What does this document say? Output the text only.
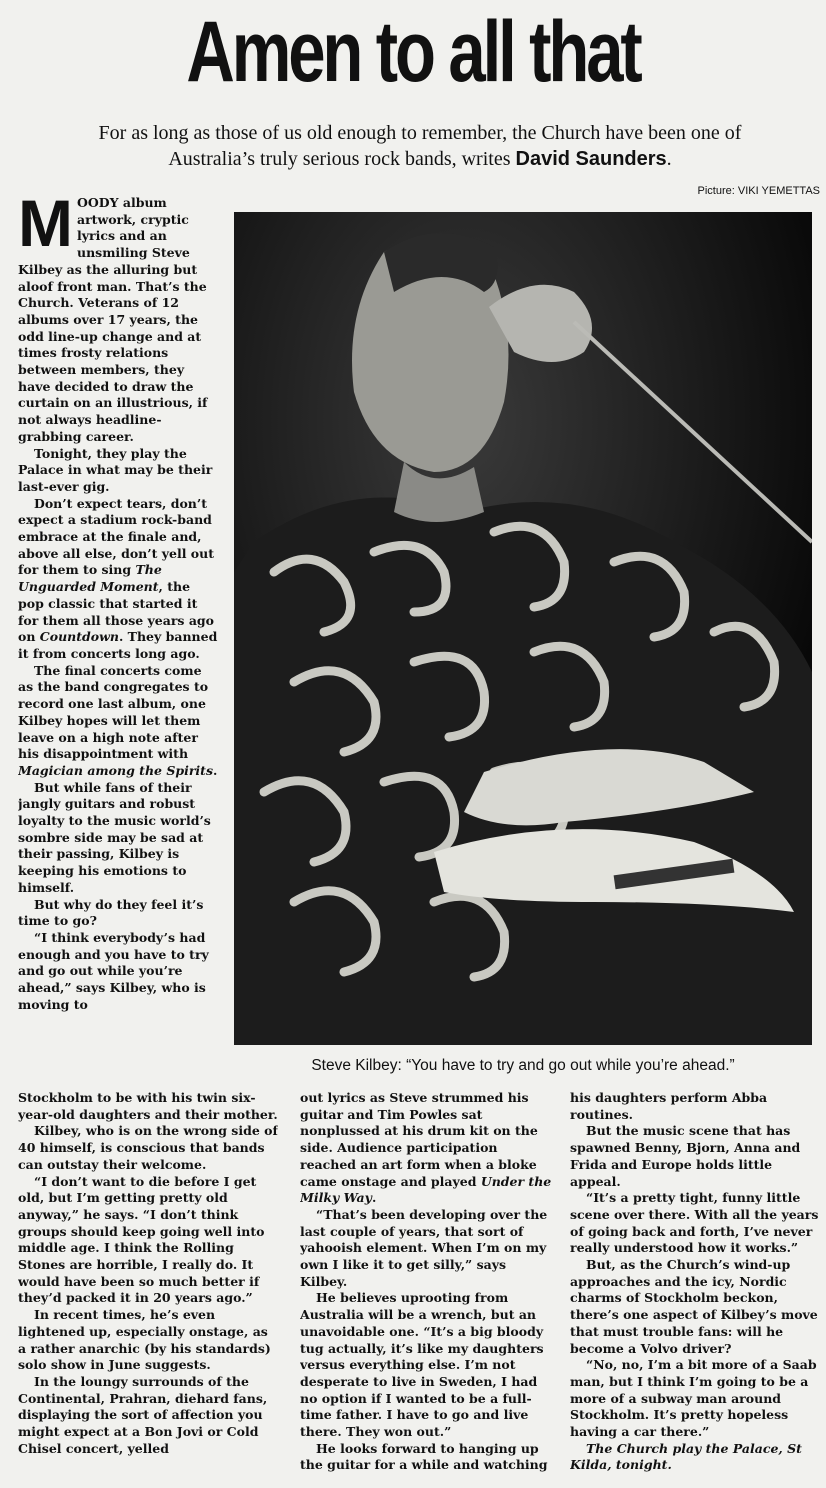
Amen to all that

For as long as those of us old enough to remember, the Church have been one of Australia’s truly serious rock bands, writes David Saunders.

Picture: VIKI YEMETTAS

MOODY album artwork, cryptic lyrics and an unsmiling Steve Kilbey as the alluring but aloof front man. That’s the Church. Veterans of 12 albums over 17 years, the odd line-up change and at times frosty relations between members, they have decided to draw the curtain on an illustrious, if not always headline-grabbing career.

Tonight, they play the Palace in what may be their last-ever gig.

Don’t expect tears, don’t expect a stadium rock-band embrace at the finale and, above all else, don’t yell out for them to sing The Unguarded Moment, the pop classic that started it for them all those years ago on Countdown. They banned it from concerts long ago.

The final concerts come as the band congregates to record one last album, one Kilbey hopes will let them leave on a high note after his disappointment with Magician among the Spirits.

But while fans of their jangly guitars and robust loyalty to the music world’s sombre side may be sad at their passing, Kilbey is keeping his emotions to himself.

But why do they feel it’s time to go?

“I think everybody’s had enough and you have to try and go out while you’re ahead,” says Kilbey, who is moving to

Steve Kilbey: “You have to try and go out while you’re ahead.”

Stockholm to be with his twin six-year-old daughters and their mother.

Kilbey, who is on the wrong side of 40 himself, is conscious that bands can outstay their welcome.

“I don’t want to die before I get old, but I’m getting pretty old anyway,” he says. “I don’t think groups should keep going well into middle age. I think the Rolling Stones are horrible, I really do. It would have been so much better if they’d packed it in 20 years ago.”

In recent times, he’s even lightened up, especially onstage, as a rather anarchic (by his standards) solo show in June suggests.

In the loungy surrounds of the Continental, Prahran, diehard fans, displaying the sort of affection you might expect at a Bon Jovi or Cold Chisel concert, yelled

out lyrics as Steve strummed his guitar and Tim Powles sat nonplussed at his drum kit on the side. Audience participation reached an art form when a bloke came onstage and played Under the Milky Way.

“That’s been developing over the last couple of years, that sort of yahooish element. When I’m on my own I like it to get silly,” says Kilbey.

He believes uprooting from Australia will be a wrench, but an unavoidable one. “It’s a big bloody tug actually, it’s like my daughters versus everything else. I’m not desperate to live in Sweden, I had no option if I wanted to be a full-time father. I have to go and live there. They won out.”

He looks forward to hanging up the guitar for a while and watching

his daughters perform Abba routines.

But the music scene that has spawned Benny, Bjorn, Anna and Frida and Europe holds little appeal.

“It’s a pretty tight, funny little scene over there. With all the years of going back and forth, I’ve never really understood how it works.”

But, as the Church’s wind-up approaches and the icy, Nordic charms of Stockholm beckon, there’s one aspect of Kilbey’s move that must trouble fans: will he become a Volvo driver?

“No, no, I’m a bit more of a Saab man, but I think I’m going to be a more of a subway man around Stockholm. It’s pretty hopeless having a car there.”

The Church play the Palace, St Kilda, tonight.
